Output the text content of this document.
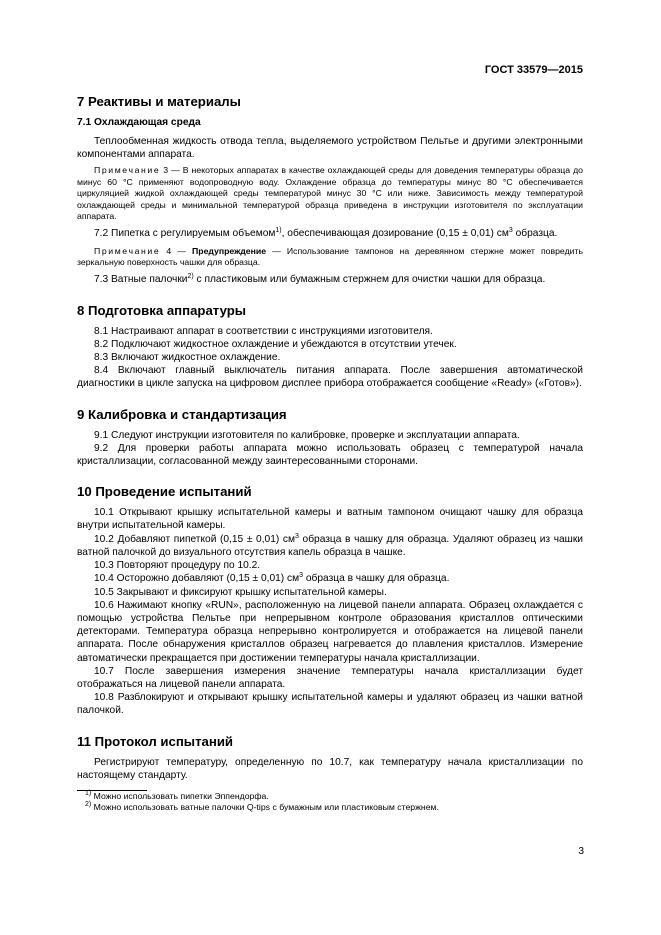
ГОСТ 33579—2015
7 Реактивы и материалы
7.1 Охлаждающая среда

Теплообменная жидкость отвода тепла, выделяемого устройством Пельтье и другими электронными компонентами аппарата.

Примечание 3 — В некоторых аппаратах в качестве охлаждающей среды для доведения температуры образца до минус 60 °С применяют водопроводную воду. Охлаждение образца до температуры минус 80 °С обеспечивается циркуляцией жидкой охлаждающей среды температурой минус 30 °С или ниже. Зависимость между температурой охлаждающей среды и минимальной температурой образца приведена в инструкции изготовителя по эксплуатации аппарата.

7.2 Пипетка с регулируемым объемом$^{1)}$, обеспечивающая дозирование (0,15 ± 0,01) $см^3$ образца.

Примечание 4 — Предупреждение — Использование тампонов на деревянном стержне может повредить зеркальную поверхность чашки для образца.

7.3 Ватные палочки$^{2)}$ с пластиковым или бумажным стержнем для очистки чашки для образца.

8 Подготовка аппаратуры

8.1 Настраивают аппарат в соответствии с инструкциями изготовителя.

8.2 Подключают жидкостное охлаждение и убеждаются в отсутствии утечек.

8.3 Включают жидкостное охлаждение.

8.4 Включают главный выключатель питания аппарата. После завершения автоматической диагностики в цикле запуска на цифровом дисплее прибора отображается сообщение «Ready» («Готов»).

9 Калибровка и стандартизация

9.1 Следуют инструкции изготовителя по калибровке, проверке и эксплуатации аппарата.

9.2 Для проверки работы аппарата можно использовать образец с температурой начала кристаллизации, согласованной между заинтересованными сторонами.

10 Проведение испытаний

10.1 Открывают крышку испытательной камеры и ватным тампоном очищают чашку для образца внутри испытательной камеры.

10.2 Добавляют пипеткой (0,15 ± 0,01) $см^3$ образца в чашку для образца. Удаляют образец из чашки ватной палочкой до визуального отсутствия капель образца в чашке.

10.3 Повторяют процедуру по 10.2.

10.4 Осторожно добавляют (0,15 ± 0,01) $см^3$ образца в чашку для образца.

10.5 Закрывают и фиксируют крышку испытательной камеры.

10.6 Нажимают кнопку «RUN», расположенную на лицевой панели аппарата. Образец охлаждается с помощью устройства Пельтье при непрерывном контроле образования кристаллов оптическими детекторами. Температура образца непрерывно контролируется и отображается на лицевой панели аппарата. После обнаружения кристаллов образец нагревается до плавления кристаллов. Измерение автоматически прекращается при достижении температуры начала кристаллизации.

10.7 После завершения измерения значение температуры начала кристаллизации будет отображаться на лицевой панели аппарата.

10.8 Разблокируют и открывают крышку испытательной камеры и удаляют образец из чашки ватной палочкой.

11 Протокол испытаний

Регистрируют температуру, определенную по 10.7, как температуру начала кристаллизации по настоящему стандарту.

$^{1)}$ Можно использовать пипетки Эппендорфа.

$^{2)}$ Можно использовать ватные палочки Q-tips с бумажным или пластиковым стержнем.

3
